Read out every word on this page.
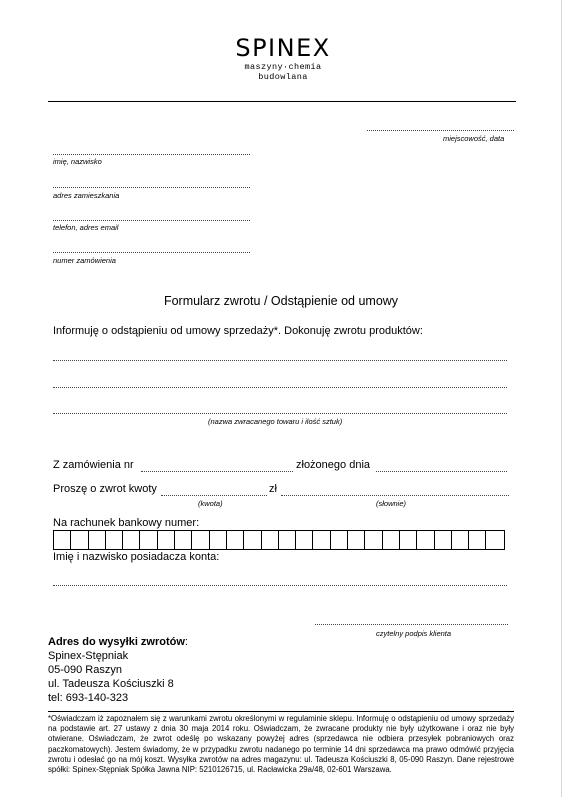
SPINEX
maszyny·chemia budowlana
miejscowość, data
imię, nazwisko
adres zamieszkania
telefon, adres email
numer zamówienia
Formularz zwrotu / Odstąpienie od umowy
Informuję o odstąpieniu od umowy sprzedaży*. Dokonuję zwrotu produktów:
(nazwa zwracanego towaru i ilość sztuk)
Z zamówienia nr	złożonego dnia
Proszę o zwrot kwoty	zł
(kwota)	(słownie)
Na rachunek bankowy numer:
Imię i nazwisko posiadacza konta:
czytelny podpis klienta
Adres do wysyłki zwrotów:
Spinex-Stępniak
05-090 Raszyn
ul. Tadeusza Kościuszki 8
tel: 693-140-323
*Oświadczam iż zapoznałem się z warunkami zwrotu określonymi w regulaminie sklepu. Informuję o odstąpieniu od umowy sprzedaży na podstawie art. 27 ustawy z dnia 30 maja 2014 roku. Oświadczam, że zwracane produkty nie były użytkowane i oraz nie były otwierane. Oświadczam, że zwrot odeślę po wskazany powyżej adres (sprzedawca nie odbiera przesyłek pobraniowych oraz paczkomatowych). Jestem świadomy, że w przypadku zwrotu nadanego po terminie 14 dni sprzedawca ma prawo odmówić przyjęcia zwrotu i odesłać go na mój koszt. Wysyłka zwrotów na adres magazynu: ul. Tadeusza Kościuszki 8, 05-090 Raszyn. Dane rejestrowe spółki: Spinex-Stępniak Spółka Jawna NIP: 5210126715, ul. Racławicka 29a/48, 02-601 Warszawa.
